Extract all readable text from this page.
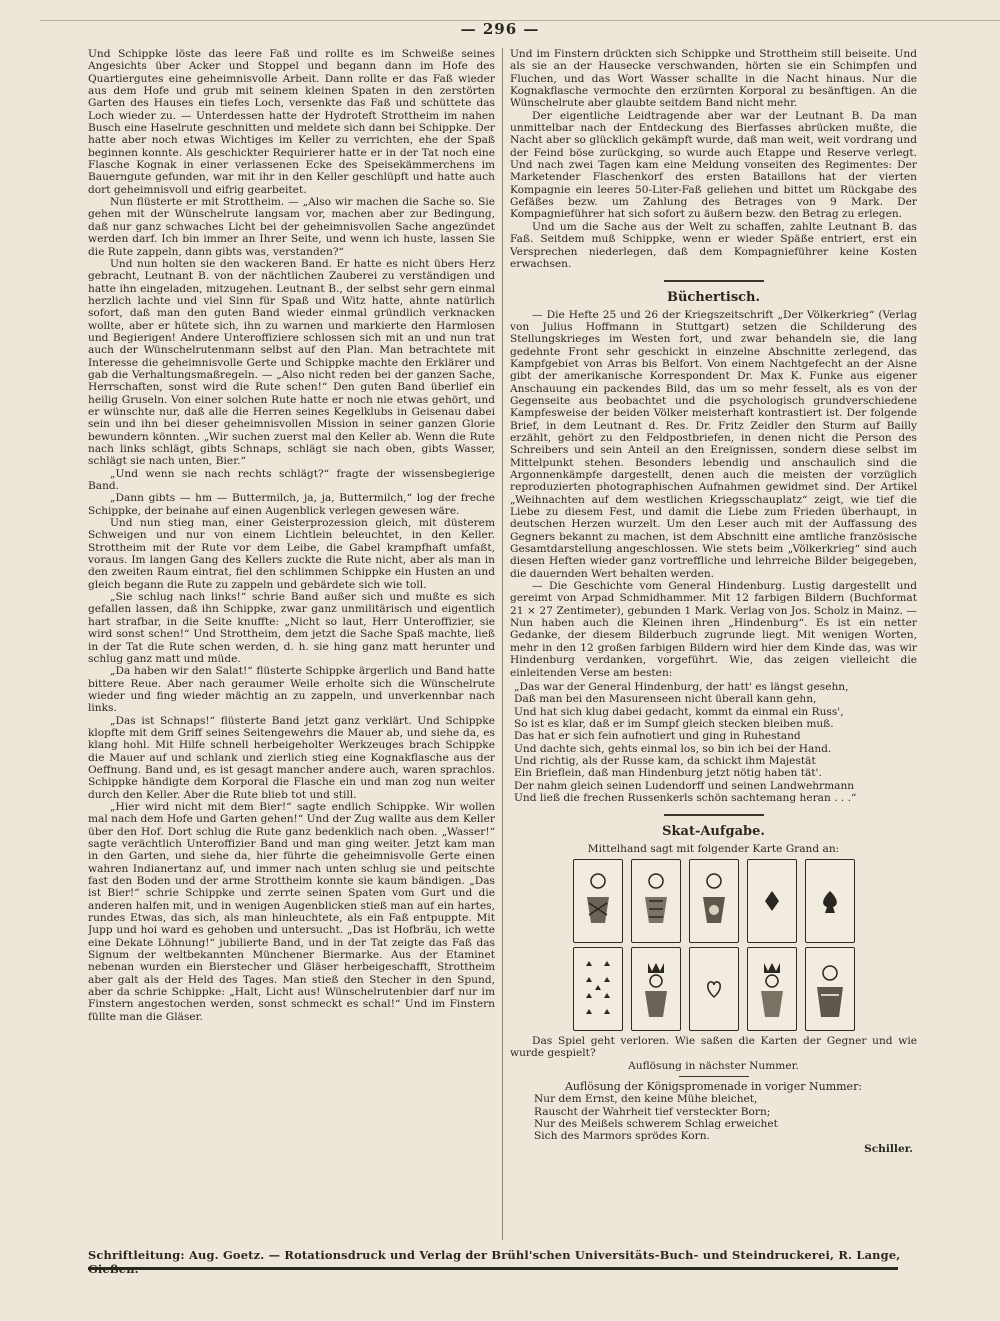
— 296 —

Und Schippke löste das leere Faß und rollte es im Schweiße seines Angesichts über Acker und Stoppel und begann dann im Hofe des Quartiergutes eine geheimnisvolle Arbeit. Dann rollte er das Faß wieder aus dem Hofe und grub mit seinem kleinen Spaten in den zerstörten Garten des Hauses ein tiefes Loch, versenkte das Faß und schüttete das Loch wieder zu. — Unterdessen hatte der Hydroteft Strottheim im nahen Busch eine Haselrute geschnitten und meldete sich dann bei Schippke. Der hatte aber noch etwas Wichtiges im Keller zu verrichten, ehe der Spaß beginnen konnte. Als geschickter Requirierer hatte er in der Tat noch eine Flasche Kognak in einer verlassenen Ecke des Speisekämmerchens im Bauerngute gefunden, war mit ihr in den Keller geschlüpft und hatte auch dort geheimnisvoll und eifrig gearbeitet.

Nun flüsterte er mit Strottheim. — „Also wir machen die Sache so. Sie gehen mit der Wünschelrute langsam vor, machen aber zur Bedingung, daß nur ganz schwaches Licht bei der geheimnisvollen Sache angezündet werden darf. Ich bin immer an Ihrer Seite, und wenn ich huste, lassen Sie die Rute zappeln, dann gibts was, verstanden?“

Und nun holten sie den wackeren Band. Er hatte es nicht übers Herz gebracht, Leutnant B. von der nächtlichen Zauberei zu verständigen und hatte ihn eingeladen, mitzugehen. Leutnant B., der selbst sehr gern einmal herzlich lachte und viel Sinn für Spaß und Witz hatte, ahnte natürlich sofort, daß man den guten Band wieder einmal gründlich verknacken wollte, aber er hütete sich, ihn zu warnen und markierte den Harmlosen und Begierigen! Andere Unteroffiziere schlossen sich mit an und nun trat auch der Wünschelrutenmann selbst auf den Plan. Man betrachtete mit Interesse die geheimnisvolle Gerte und Schippke machte den Erklärer und gab die Verhaltungsmaßregeln. — „Also nicht reden bei der ganzen Sache, Herrschaften, sonst wird die Rute schen!“ Den guten Band überlief ein heilig Gruseln. Von einer solchen Rute hatte er noch nie etwas gehört, und er wünschte nur, daß alle die Herren seines Kegelklubs in Geisenau dabei sein und ihn bei dieser geheimnisvollen Mission in seiner ganzen Glorie bewundern könnten. „Wir suchen zuerst mal den Keller ab. Wenn die Rute nach links schlägt, gibts Schnaps, schlägt sie nach oben, gibts Wasser, schlägt sie nach unten, Bier.“

„Und wenn sie nach rechts schlägt?“ fragte der wissensbegierige Band.

„Dann gibts — hm — Buttermilch, ja, ja, Buttermilch,“ log der freche Schippke, der beinahe auf einen Augenblick verlegen gewesen wäre.

Und nun stieg man, einer Geisterprozession gleich, mit düsterem Schweigen und nur von einem Lichtlein beleuchtet, in den Keller. Strottheim mit der Rute vor dem Leibe, die Gabel krampfhaft umfaßt, voraus. Im langen Gang des Kellers zuckte die Rute nicht, aber als man in den zweiten Raum eintrat, fiel den schlimmen Schippke ein Husten an und gleich begann die Rute zu zappeln und gebärdete sich wie toll.

„Sie schlug nach links!“ schrie Band außer sich und mußte es sich gefallen lassen, daß ihn Schippke, zwar ganz unmilitärisch und eigentlich hart strafbar, in die Seite knuffte: „Nicht so laut, Herr Unteroffizier, sie wird sonst schen!“ Und Strottheim, dem jetzt die Sache Spaß machte, ließ in der Tat die Rute schen werden, d. h. sie hing ganz matt herunter und schlug ganz matt und müde.

„Da haben wir den Salat!“ flüsterte Schippke ärgerlich und Band hatte bittere Reue. Aber nach geraumer Weile erholte sich die Wünschelrute wieder und fing wieder mächtig an zu zappeln, und unverkennbar nach links.

„Das ist Schnaps!“ flüsterte Band jetzt ganz verklärt. Und Schippke klopfte mit dem Griff seines Seitengewehrs die Mauer ab, und siehe da, es klang hohl. Mit Hilfe schnell herbeigeholter Werkzeuges brach Schippke die Mauer auf und schlank und zierlich stieg eine Kognakflasche aus der Oeffnung. Band und, es ist gesagt mancher andere auch, waren sprachlos. Schippke händigte dem Korporal die Flasche ein und man zog nun weiter durch den Keller. Aber die Rute blieb tot und still.

„Hier wird nicht mit dem Bier!“ sagte endlich Schippke. Wir wollen mal nach dem Hofe und Garten gehen!“ Und der Zug wallte aus dem Keller über den Hof. Dort schlug die Rute ganz bedenklich nach oben. „Wasser!“ sagte verächtlich Unteroffizier Band und man ging weiter. Jetzt kam man in den Garten, und siehe da, hier führte die geheimnisvolle Gerte einen wahren Indianertanz auf, und immer nach unten schlug sie und peitschte fast den Boden und der arme Strottheim konnte sie kaum bändigen. „Das ist Bier!“ schrie Schippke und zerrte seinen Spaten vom Gurt und die anderen halfen mit, und in wenigen Augenblicken stieß man auf ein hartes, rundes Etwas, das sich, als man hinleuchtete, als ein Faß entpuppte. Mit Jupp und hoi ward es gehoben und untersucht. „Das ist Hofbräu, ich wette eine Dekate Löhnung!“ jubilierte Band, und in der Tat zeigte das Faß das Signum der weltbekannten Münchener Biermarke. Aus der Etaminet nebenan wurden ein Bierstecher und Gläser herbeigeschafft, Strottheim aber galt als der Held des Tages. Man stieß den Stecher in den Spund, aber da schrie Schippke: „Halt, Licht aus! Wünschelrutenbier darf nur im Finstern angestochen werden, sonst schmeckt es schal!“ Und im Finstern füllte man die Gläser.

Und im Finstern drückten sich Schippke und Strottheim still beiseite. Und als sie an der Hausecke verschwanden, hörten sie ein Schimpfen und Fluchen, und das Wort Wasser schallte in die Nacht hinaus. Nur die Kognakflasche vermochte den erzürnten Korporal zu besänftigen. An die Wünschelrute aber glaubte seitdem Band nicht mehr.

Der eigentliche Leidtragende aber war der Leutnant B. Da man unmittelbar nach der Entdeckung des Bierfasses abrücken mußte, die Nacht aber so glücklich gekämpft wurde, daß man weit, weit vordrang und der Feind böse zurückging, so wurde auch Etappe und Reserve verlegt. Und nach zwei Tagen kam eine Meldung vonseiten des Regimentes: Der Marketender Flaschenkorf des ersten Bataillons hat der vierten Kompagnie ein leeres 50-Liter-Faß geliehen und bittet um Rückgabe des Gefäßes bezw. um Zahlung des Betrages von 9 Mark. Der Kompagnieführer hat sich sofort zu äußern bezw. den Betrag zu erlegen.

Und um die Sache aus der Welt zu schaffen, zahlte Leutnant B. das Faß. Seitdem muß Schippke, wenn er wieder Späße entriert, erst ein Versprechen niederlegen, daß dem Kompagnieführer keine Kosten erwachsen.

Büchertisch.

— Die Hefte 25 und 26 der Kriegszeitschrift „Der Völkerkrieg“ (Verlag von Julius Hoffmann in Stuttgart) setzen die Schilderung des Stellungskrieges im Westen fort, und zwar behandeln sie, die lang gedehnte Front sehr geschickt in einzelne Abschnitte zerlegend, das Kampfgebiet von Arras bis Belfort. Von einem Nachtgefecht an der Aisne gibt der amerikanische Korrespondent Dr. Max K. Funke aus eigener Anschauung ein packendes Bild, das um so mehr fesselt, als es von der Gegenseite aus beobachtet und die psychologisch grundverschiedene Kampfesweise der beiden Völker meisterhaft kontrastiert ist. Der folgende Brief, in dem Leutnant d. Res. Dr. Fritz Zeidler den Sturm auf Bailly erzählt, gehört zu den Feldpostbriefen, in denen nicht die Person des Schreibers und sein Anteil an den Ereignissen, sondern diese selbst im Mittelpunkt stehen. Besonders lebendig und anschaulich sind die Argonnenkämpfe dargestellt, denen auch die meisten der vorzüglich reproduzierten photographischen Aufnahmen gewidmet sind. Der Artikel „Weihnachten auf dem westlichen Kriegsschauplatz“ zeigt, wie tief die Liebe zu diesem Fest, und damit die Liebe zum Frieden überhaupt, in deutschen Herzen wurzelt. Um den Leser auch mit der Auffassung des Gegners bekannt zu machen, ist dem Abschnitt eine amtliche französische Gesamtdarstellung angeschlossen. Wie stets beim „Völkerkrieg“ sind auch diesen Heften wieder ganz vortreffliche und lehrreiche Bilder beigegeben, die dauernden Wert behalten werden.

— Die Geschichte vom General Hindenburg. Lustig dargestellt und gereimt von Arpad Schmidhammer. Mit 12 farbigen Bildern (Buchformat 21 × 27 Zentimeter), gebunden 1 Mark. Verlag von Jos. Scholz in Mainz. — Nun haben auch die Kleinen ihren „Hindenburg“. Es ist ein netter Gedanke, der diesem Bilderbuch zugrunde liegt. Mit wenigen Worten, mehr in den 12 großen farbigen Bildern wird hier dem Kinde das, was wir Hindenburg verdanken, vorgeführt. Wie, das zeigen vielleicht die einleitenden Verse am besten:

„Das war der General Hindenburg, der hatt' es längst gesehn,
Daß man bei den Masurenseen nicht überall kann gehn,
Und hat sich klug dabei gedacht, kommt da einmal ein Russ',
So ist es klar, daß er im Sumpf gleich stecken bleiben muß.
Das hat er sich fein aufnotiert und ging in Ruhestand
Und dachte sich, gehts einmal los, so bin ich bei der Hand.
Und richtig, als der Russe kam, da schickt ihm Majestät
Ein Brieflein, daß man Hindenburg jetzt nötig haben tät'.
Der nahm gleich seinen Ludendorff und seinen Landwehrmann
Und ließ die frechen Russenkerls schön sachtemang heran . . .“
Skat-Aufgabe.
Mittelhand sagt mit folgender Karte Grand an:

Das Spiel geht verloren. Wie saßen die Karten der Gegner und wie wurde gespielt?

Auflösung in nächster Nummer.
Auflösung der Königspromenade in voriger Nummer:
Nur dem Ernst, den keine Mühe bleichet,
Rauscht der Wahrheit tief versteckter Born;
Nur des Meißels schwerem Schlag erweichet
Sich des Marmors sprödes Korn.
Schiller.
Schriftleitung: Aug. Goetz. — Rotationsdruck und Verlag der Brühl'schen Universitäts-Buch- und Steindruckerei, R. Lange,
